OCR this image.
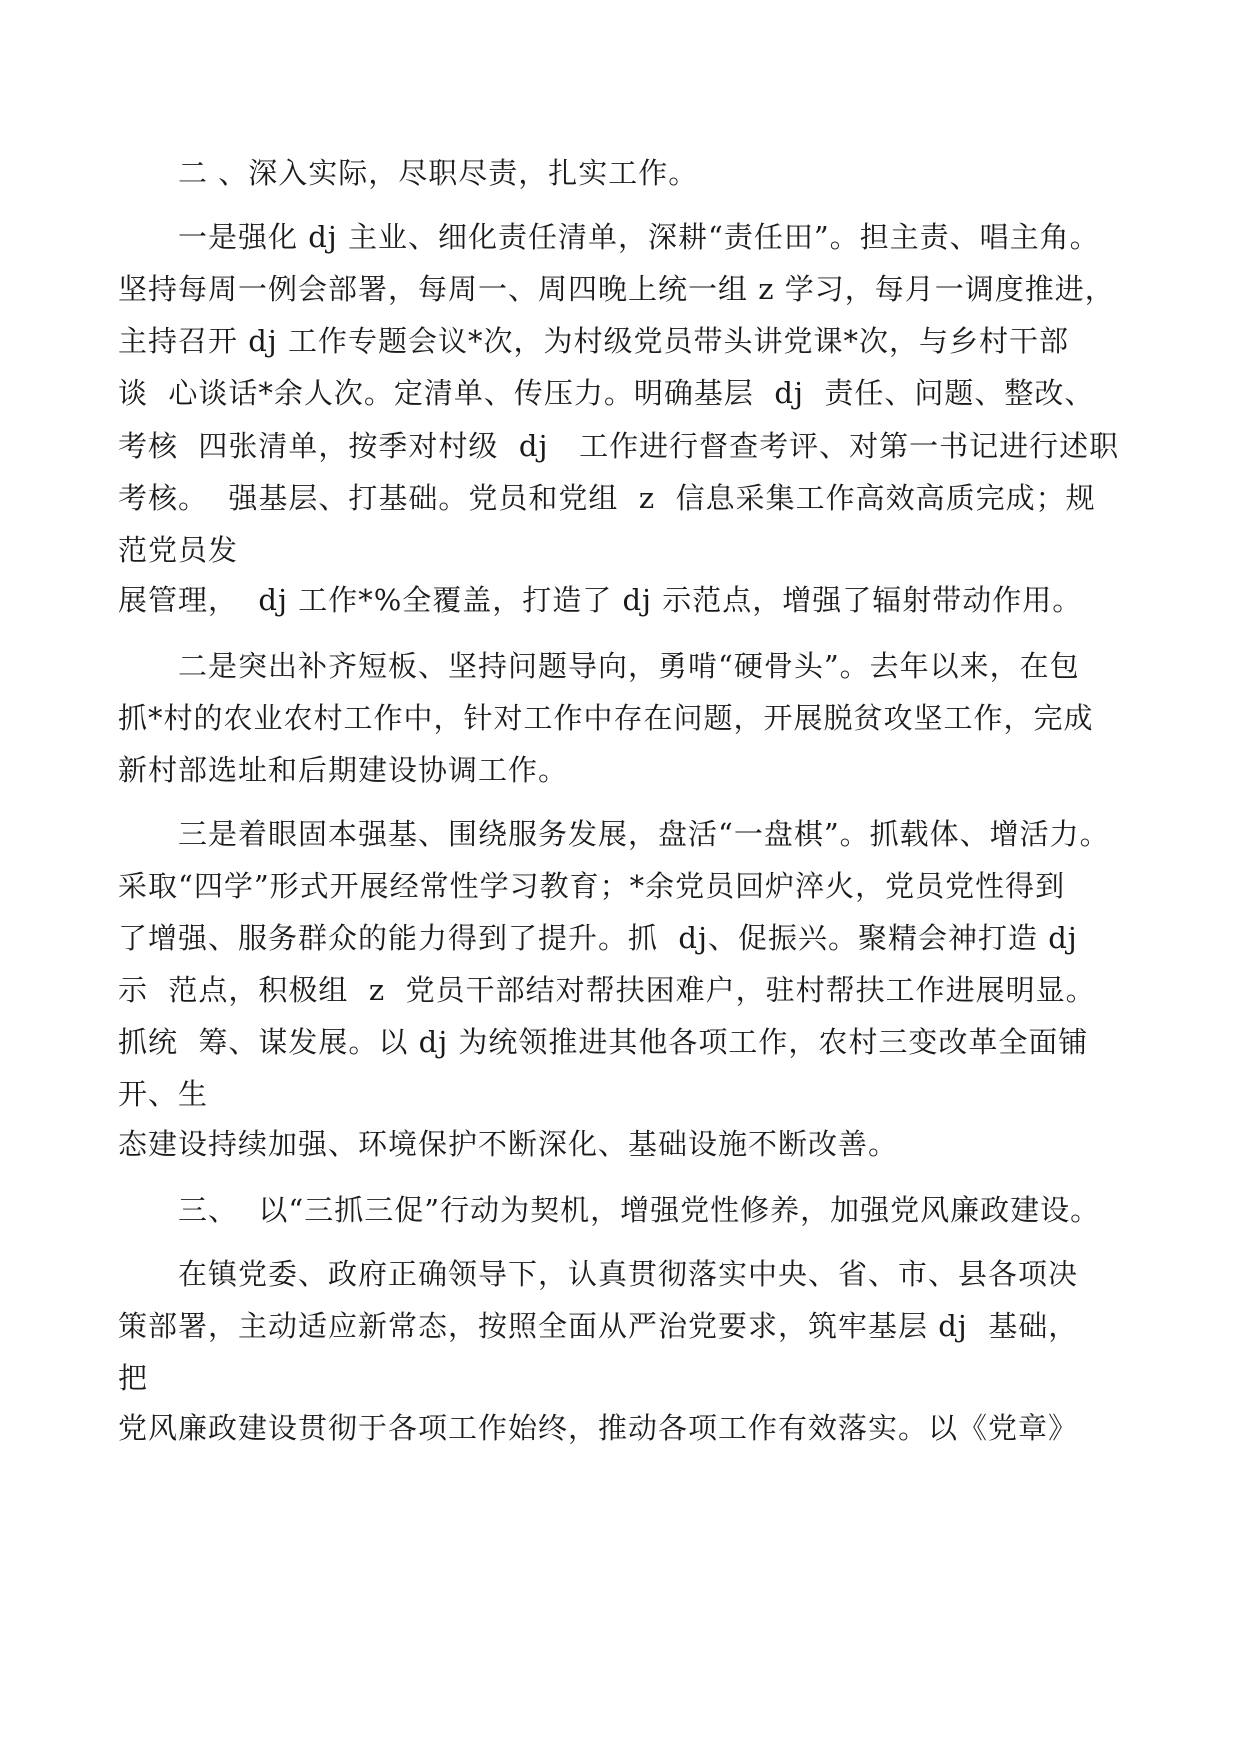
二 、深入实际，尽职尽责，扎实工作。
一是强化 dj 主业、细化责任清单，深耕“责任田”。担主责、唱主角。
坚持每周一例会部署，每周一、周四晚上统一组 z 学习，每月一调度推进，
主持召开 dj 工作专题会议*次，为村级党员带头讲党课*次，与乡村干部
谈  心谈话*余人次。定清单、传压力。明确基层  dj  责任、问题、整改、
考核  四张清单，按季对村级  dj   工作进行督查考评、对第一书记进行述职
考核。  强基层、打基础。党员和党组  z  信息采集工作高效高质完成；规
范党员发
展管理，  dj 工作*%全覆盖，打造了 dj 示范点，增强了辐射带动作用。
二是突出补齐短板、坚持问题导向，勇啃“硬骨头”。去年以来，在包
抓*村的农业农村工作中，针对工作中存在问题，开展脱贫攻坚工作，完成
新村部选址和后期建设协调工作。
三是着眼固本强基、围绕服务发展，盘活“一盘棋”。抓载体、增活力。
采取“四学”形式开展经常性学习教育；*余党员回炉淬火，党员党性得到
了增强、服务群众的能力得到了提升。抓  dj、促振兴。聚精会神打造 dj
示  范点，积极组  z  党员干部结对帮扶困难户，驻村帮扶工作进展明显。
抓统  筹、谋发展。以 dj 为统领推进其他各项工作，农村三变改革全面铺
开、生
态建设持续加强、环境保护不断深化、基础设施不断改善。
三、  以“三抓三促”行动为契机，增强党性修养，加强党风廉政建设。
在镇党委、政府正确领导下，认真贯彻落实中央、省、市、县各项决
策部署，主动适应新常态，按照全面从严治党要求，筑牢基层 dj  基础，
把
党风廉政建设贯彻于各项工作始终，推动各项工作有效落实。以《党章》
